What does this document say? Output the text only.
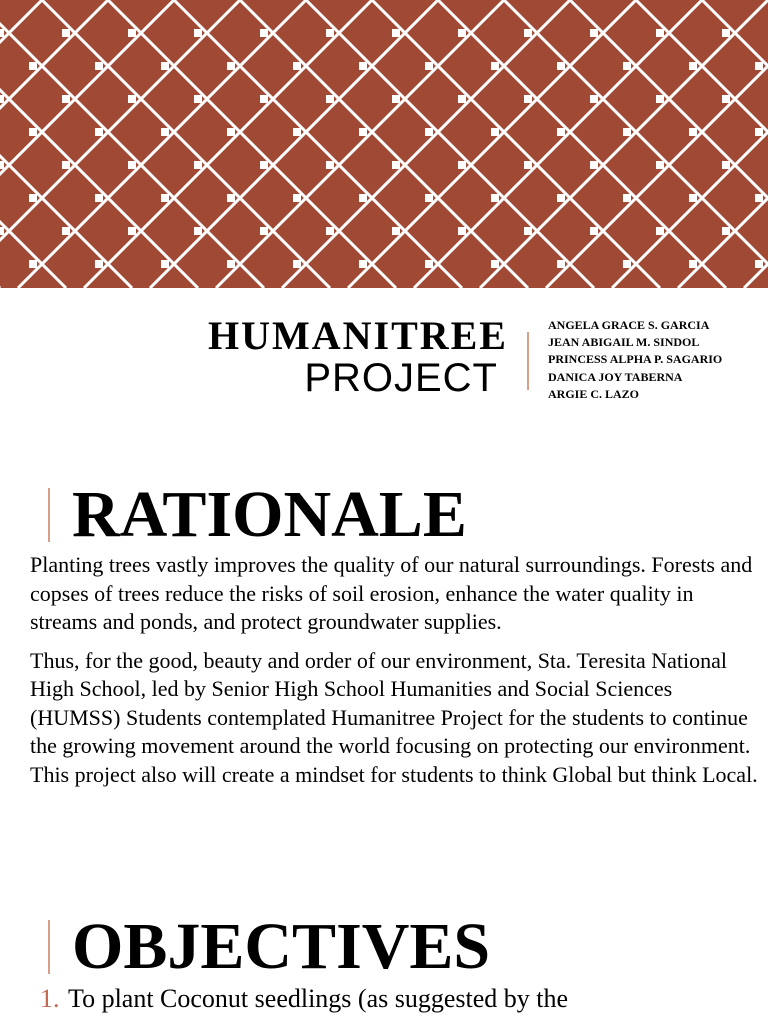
HUMANITREE
PROJECT
ANGELA GRACE S. GARCIA
JEAN ABIGAIL M. SINDOL
PRINCESS ALPHA P. SAGARIO
DANICA JOY TABERNA
ARGIE C. LAZO
RATIONALE

Planting trees vastly improves the quality of our natural surroundings. Forests and copses of trees reduce the risks of soil erosion, enhance the water quality in streams and ponds, and protect groundwater supplies.

Thus, for the good, beauty and order of our environment, Sta. Teresita National High School, led by Senior High School Humanities and Social Sciences (HUMSS) Students contemplated Humanitree Project for the students to continue the growing movement around the world focusing on protecting our environment. This project also will create a mindset for students to think Global but think Local.

OBJECTIVES
1. To plant Coconut seedlings (as suggested by the
